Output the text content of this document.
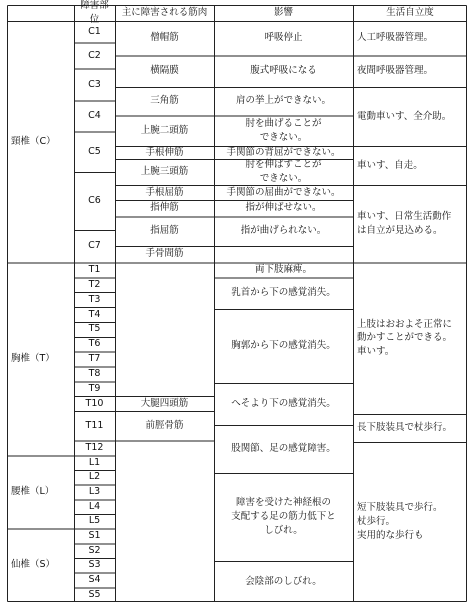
障害部位
主に障害される筋肉	影響	生活自立度
頸椎（C）
胸椎（T）
腰椎（L）
仙椎（S）
C1
C2
C3
C4
C5
C6
C7
T1
T2
T3
T4
T5
T6
T7
T8
T9
T10
T11
T12
L1
L2
L3
L4
L5
S1
S2
S3
S4
S5
僧帽筋
横隔膜
三角筋
上腕二頭筋
手根伸筋
上腕三頭筋
手根屈筋
指伸筋
指屈筋
手骨間筋
大腿四頭筋
前脛骨筋
呼吸停止
腹式呼吸になる
肩の挙上ができない。
肘を曲げることが
できない。
手関節の背屈ができない。
肘を伸ばすことが
できない。
手関節の屈曲ができない。
指が伸ばせない。
指が曲げられない。
両下肢麻痺。
乳首から下の感覚消失。
胸郭から下の感覚消失。
へそより下の感覚消失。
股関節、足の感覚障害。
障害を受けた神経根の
支配する足の筋力低下と
しびれ。
会陰部のしびれ。
人工呼吸器管理。
夜間呼吸器管理。
電動車いす、全介助。
車いす、自走。
車いす、日常生活動作
は自立が見込める。
上肢はおおよそ正常に
動かすことができる。
車いす。
長下肢装具で杖歩行。
短下肢装具で歩行。
杖歩行。
実用的な歩行も
